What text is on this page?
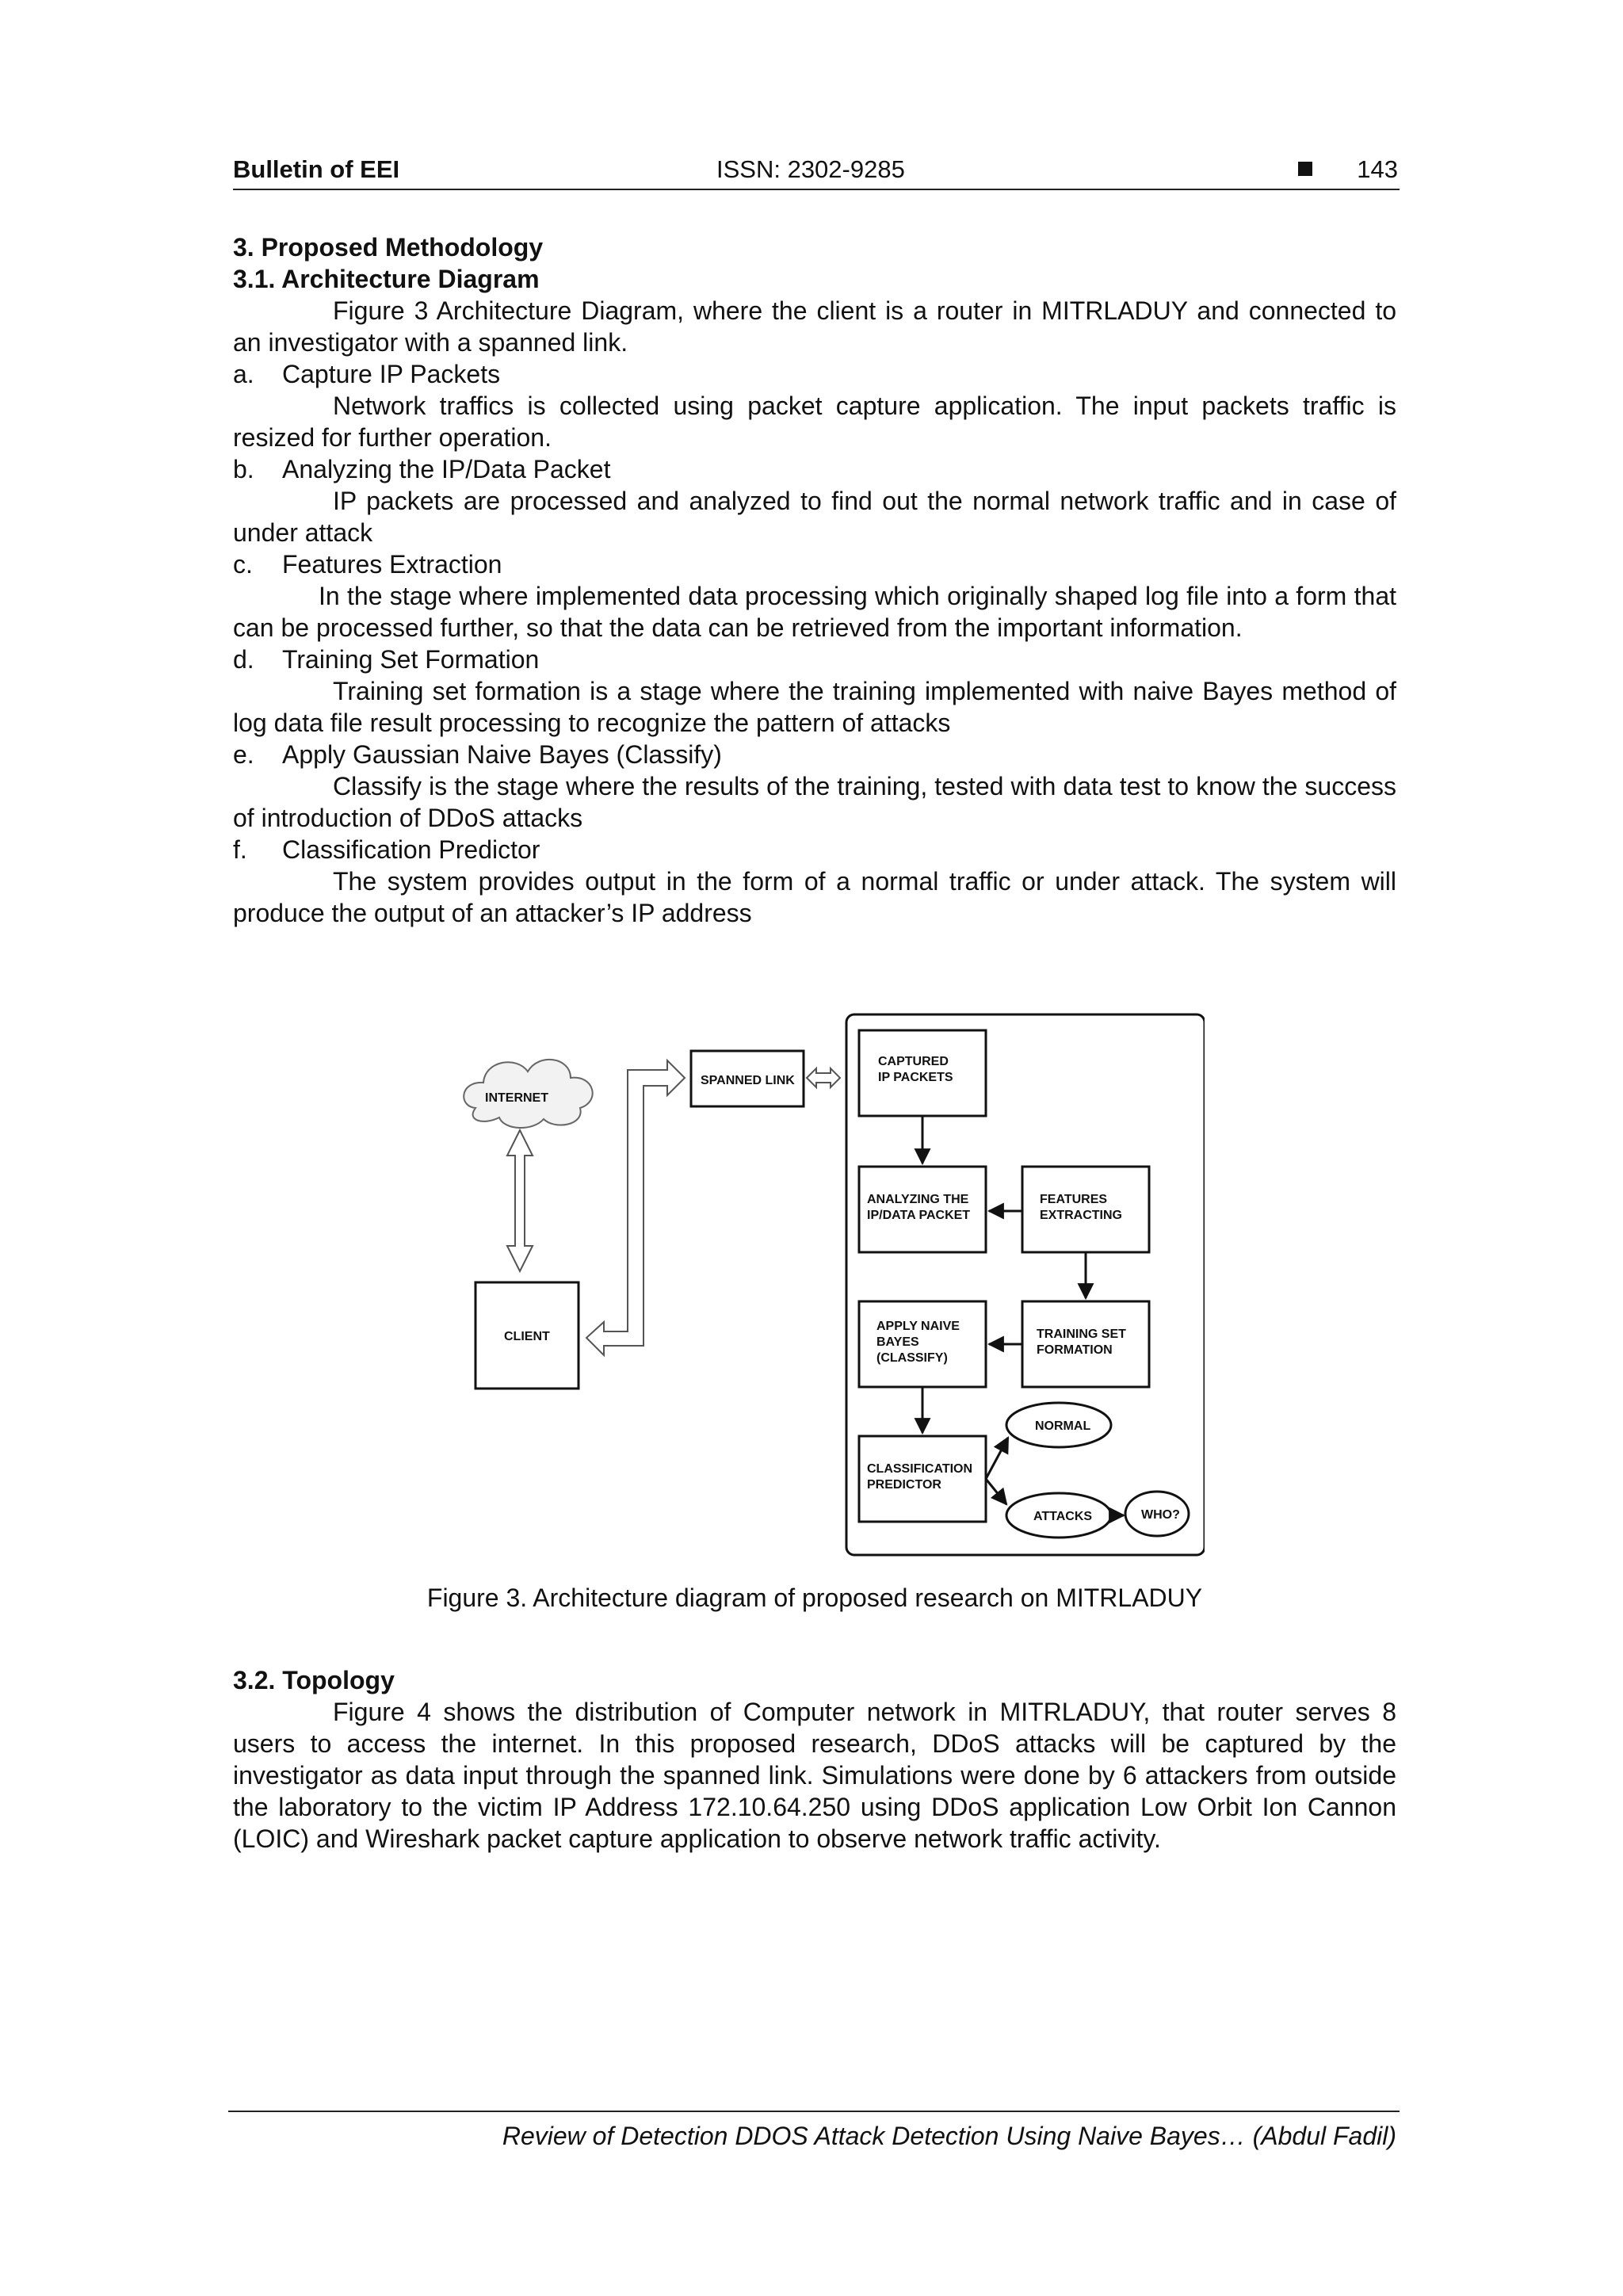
Bulletin of EEI	ISSN: 2302-9285	143

3. Proposed Methodology

3.1. Architecture Diagram

Figure 3 Architecture Diagram, where the client is a router in MITRLADUY and connected to an investigator with a spanned link.

a.	Capture IP Packets

Network traffics is collected using packet capture application. The input packets traffic is resized for further operation.

b.	Analyzing the IP/Data Packet

IP packets are processed and analyzed to find out the normal network traffic and in case of under attack

c.	Features Extraction

In the stage where implemented data processing which originally shaped log file into a form that can be processed further, so that the data can be retrieved from the important information.

d.	Training Set Formation

Training set formation is a stage where the training implemented with naive Bayes method of log data file result processing to recognize the pattern of attacks

e.	Apply Gaussian Naive Bayes (Classify)

Classify is the stage where the results of the training, tested with data test to know the success of introduction of DDoS attacks

f.	Classification Predictor

The system provides output in the form of a normal traffic or under attack. The system will produce the output of an attacker’s IP address

INTERNET
CLIENT
SPANNED LINK
CAPTURED
IP PACKETS
ANALYZING THE
IP/DATA PACKET
FEATURES
EXTRACTING
APPLY NAIVE
BAYES
(CLASSIFY)
TRAINING SET
FORMATION
CLASSIFICATION
PREDICTOR
NORMAL
ATTACKS	WHO?
Figure 3. Architecture diagram of proposed research on MITRLADUY

3.2. Topology

Figure 4 shows the distribution of Computer network in MITRLADUY, that router serves 8 users to access the internet. In this proposed research, DDoS attacks will be captured by the investigator as data input through the spanned link. Simulations were done by 6 attackers from outside the laboratory to the victim IP Address 172.10.64.250 using DDoS application Low Orbit Ion Cannon (LOIC) and Wireshark packet capture application to observe network traffic activity.

Review of Detection DDOS Attack Detection Using Naive Bayes… (Abdul Fadil)
